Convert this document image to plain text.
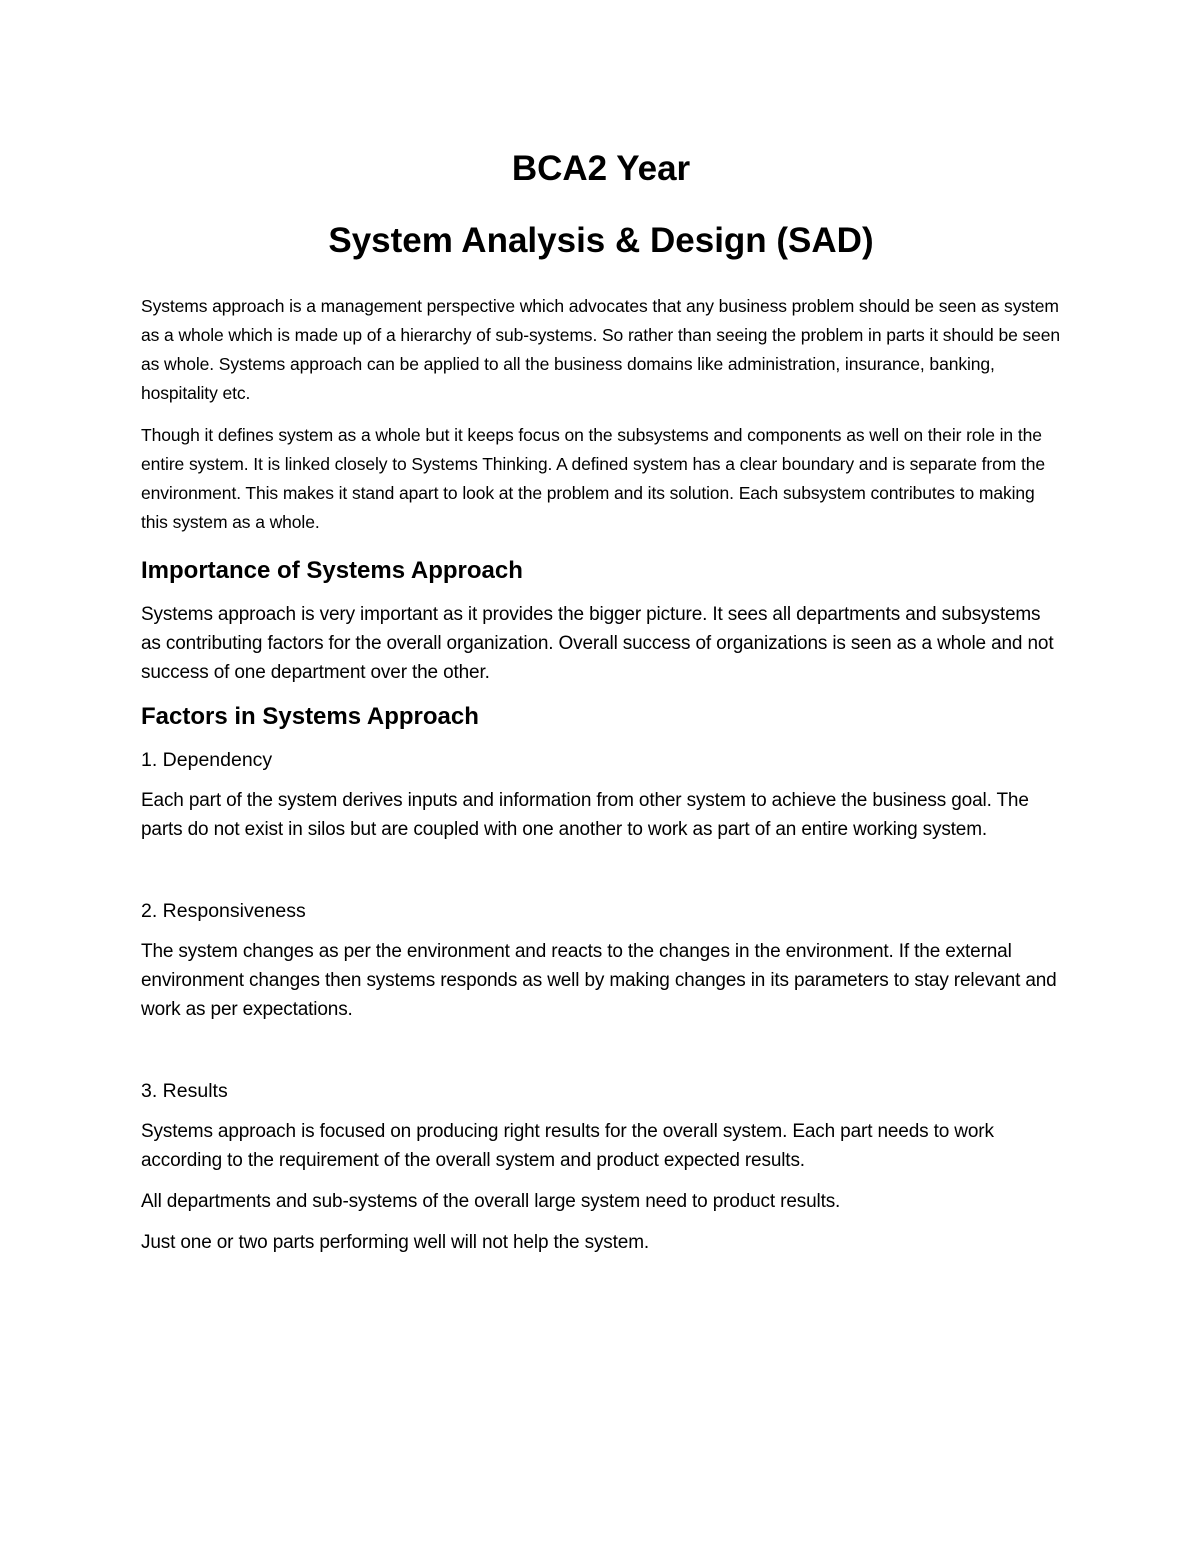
BCA2 Year
System Analysis & Design (SAD)

Systems approach is a management perspective which advocates that any business problem should be seen as system as a whole which is made up of a hierarchy of sub-systems. So rather than seeing the problem in parts it should be seen as whole. Systems approach can be applied to all the business domains like administration, insurance, banking, hospitality etc.

Though it defines system as a whole but it keeps focus on the subsystems and components as well on their role in the entire system. It is linked closely to Systems Thinking. A defined system has a clear boundary and is separate from the environment. This makes it stand apart to look at the problem and its solution. Each subsystem contributes to making this system as a whole.

Importance of Systems Approach

Systems approach is very important as it provides the bigger picture. It sees all departments and subsystems as contributing factors for the overall organization. Overall success of organizations is seen as a whole and not success of one department over the other.

Factors in Systems Approach

1. Dependency

Each part of the system derives inputs and information from other system to achieve the business goal. The parts do not exist in silos but are coupled with one another to work as part of an entire working system.

2. Responsiveness

The system changes as per the environment and reacts to the changes in the environment. If the external environment changes then systems responds as well by making changes in its parameters to stay relevant and work as per expectations.

3. Results

Systems approach is focused on producing right results for the overall system. Each part needs to work according to the requirement of the overall system and product expected results.

All departments and sub-systems of the overall large system need to product results.

Just one or two parts performing well will not help the system.
